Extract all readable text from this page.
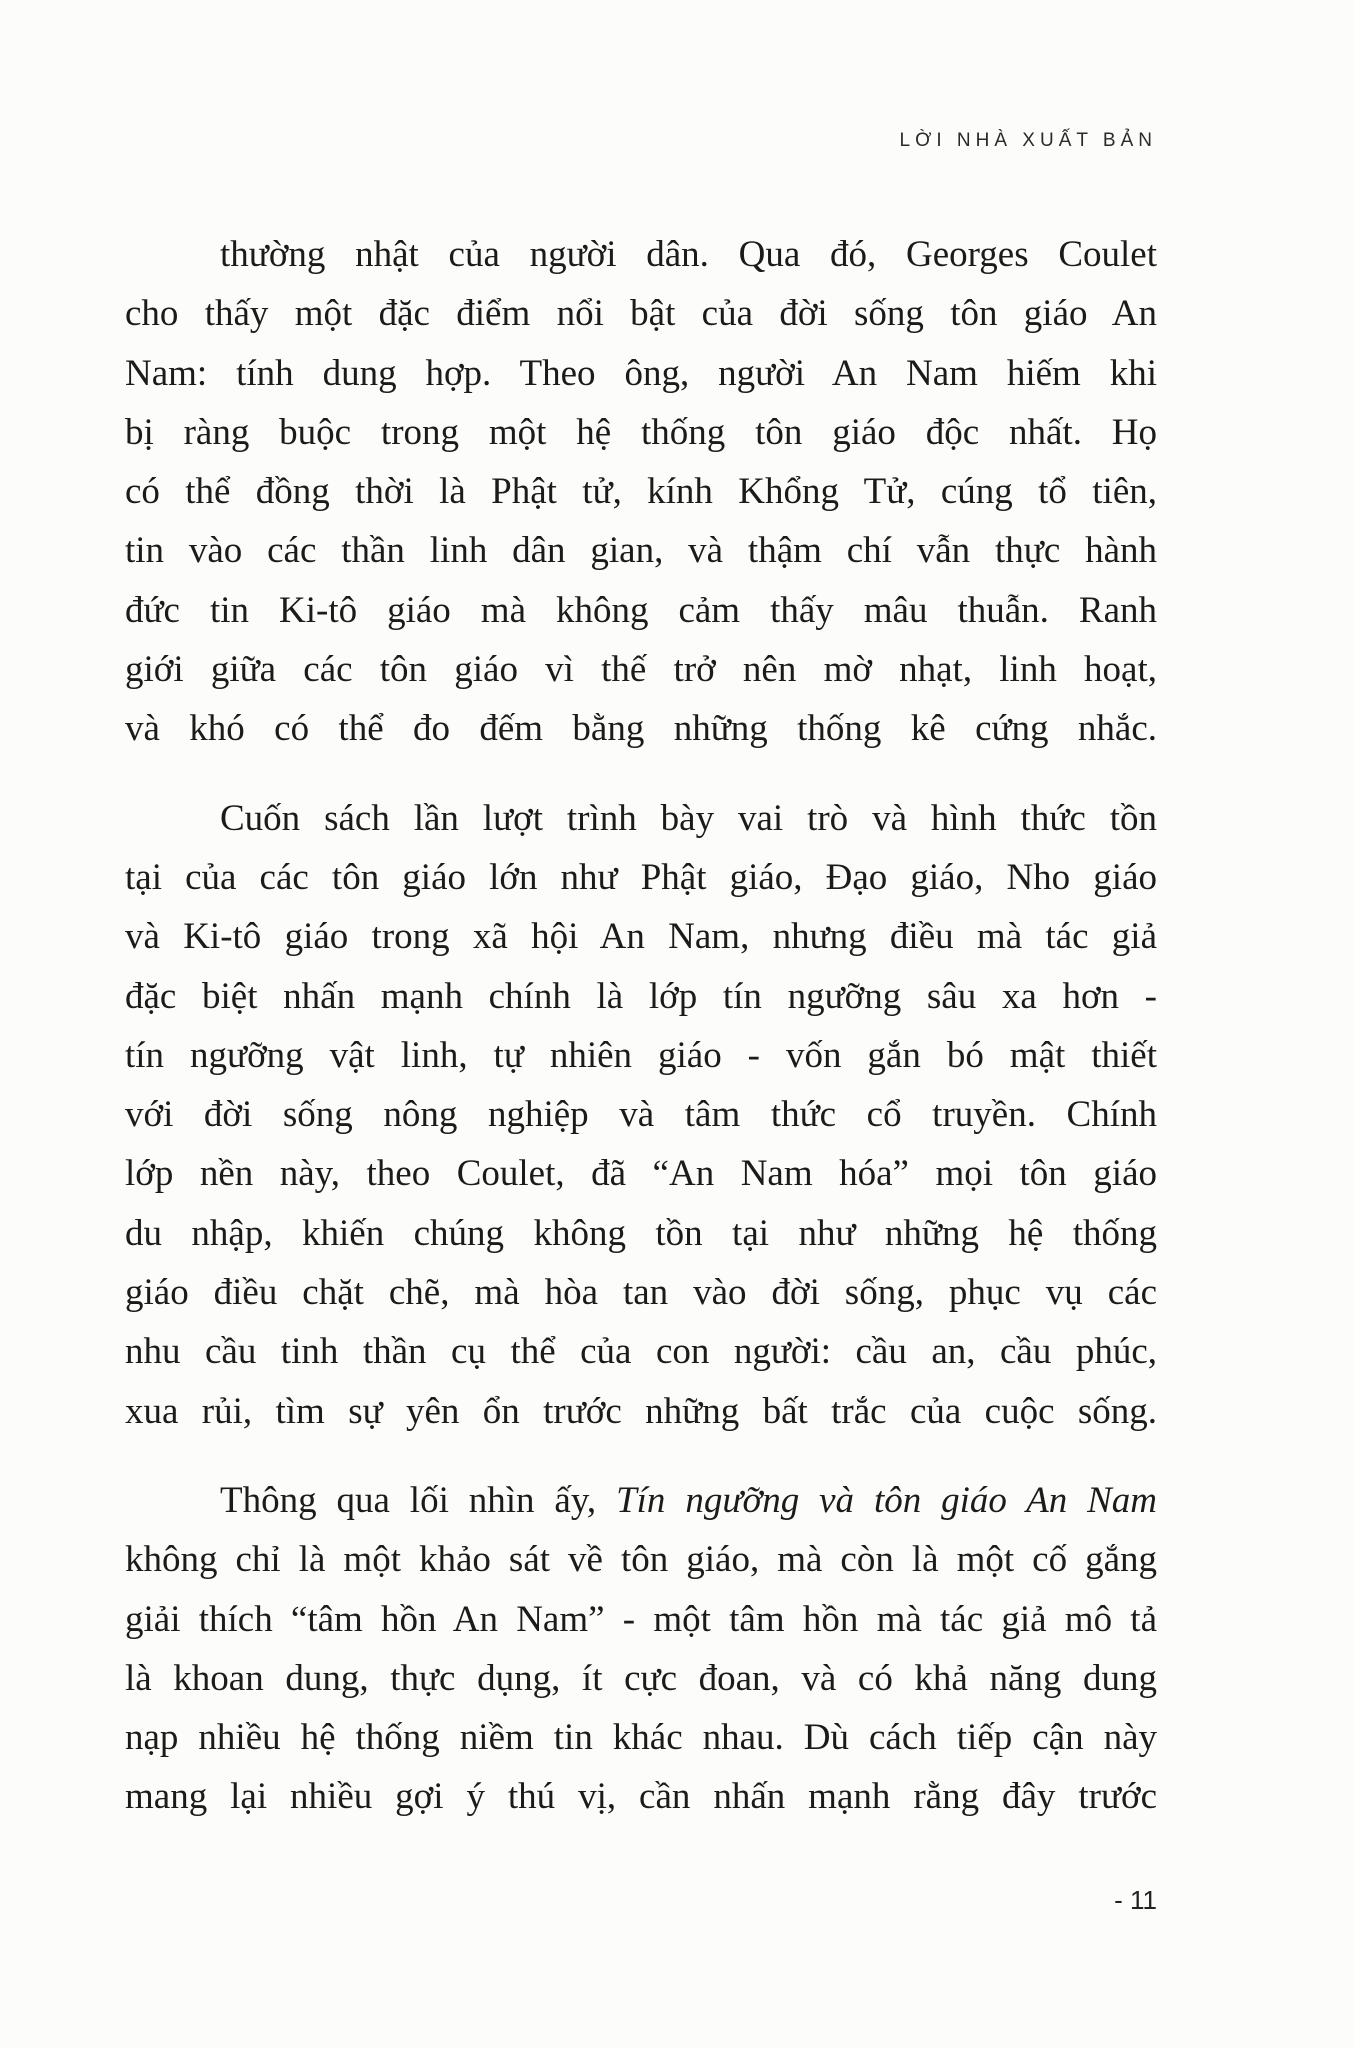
LỜI NHÀ XUẤT BẢN
thường nhật của người dân. Qua đó, Georges Coulet
cho thấy một đặc điểm nổi bật của đời sống tôn giáo An
Nam: tính dung hợp. Theo ông, người An Nam hiếm khi
bị ràng buộc trong một hệ thống tôn giáo độc nhất. Họ
có thể đồng thời là Phật tử, kính Khổng Tử, cúng tổ tiên,
tin vào các thần linh dân gian, và thậm chí vẫn thực hành
đức tin Ki-tô giáo mà không cảm thấy mâu thuẫn. Ranh
giới giữa các tôn giáo vì thế trở nên mờ nhạt, linh hoạt,
và khó có thể đo đếm bằng những thống kê cứng nhắc.
Cuốn sách lần lượt trình bày vai trò và hình thức tồn
tại của các tôn giáo lớn như Phật giáo, Đạo giáo, Nho giáo
và Ki-tô giáo trong xã hội An Nam, nhưng điều mà tác giả
đặc biệt nhấn mạnh chính là lớp tín ngưỡng sâu xa hơn -
tín ngưỡng vật linh, tự nhiên giáo - vốn gắn bó mật thiết
với đời sống nông nghiệp và tâm thức cổ truyền. Chính
lớp nền này, theo Coulet, đã “An Nam hóa” mọi tôn giáo
du nhập, khiến chúng không tồn tại như những hệ thống
giáo điều chặt chẽ, mà hòa tan vào đời sống, phục vụ các
nhu cầu tinh thần cụ thể của con người: cầu an, cầu phúc,
xua rủi, tìm sự yên ổn trước những bất trắc của cuộc sống.
Thông qua lối nhìn ấy, Tín ngưỡng và tôn giáo An Nam
không chỉ là một khảo sát về tôn giáo, mà còn là một cố gắng
giải thích “tâm hồn An Nam” - một tâm hồn mà tác giả mô tả
là khoan dung, thực dụng, ít cực đoan, và có khả năng dung
nạp nhiều hệ thống niềm tin khác nhau. Dù cách tiếp cận này
mang lại nhiều gợi ý thú vị, cần nhấn mạnh rằng đây trước
- 11
